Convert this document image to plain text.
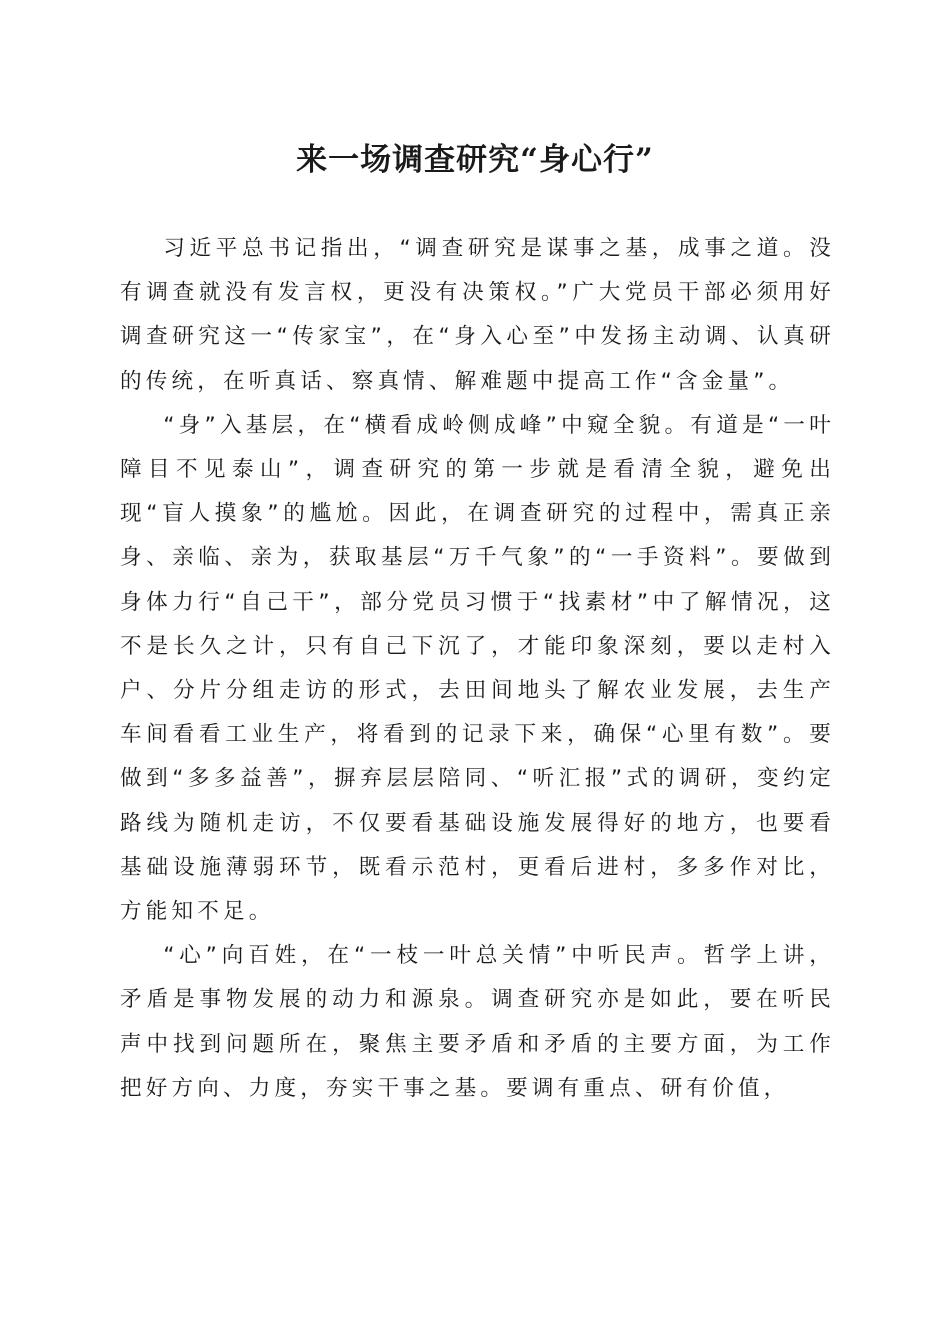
来一场调查研究“身心行”

习近平总书记指出，“调查研究是谋事之基，成事之道。没有调查就没有发言权，更没有决策权。”广大党员干部必须用好调查研究这一“传家宝”，在“身入心至”中发扬主动调、认真研的传统，在听真话、察真情、解难题中提高工作“含金量”。

“身”入基层，在“横看成岭侧成峰”中窥全貌。有道是“一叶障目不见泰山”，调查研究的第一步就是看清全貌，避免出现“盲人摸象”的尴尬。因此，在调查研究的过程中，需真正亲身、亲临、亲为，获取基层“万千气象”的“一手资料”。要做到身体力行“自己干”，部分党员习惯于“找素材”中了解情况，这不是长久之计，只有自己下沉了，才能印象深刻，要以走村入户、分片分组走访的形式，去田间地头了解农业发展，去生产车间看看工业生产，将看到的记录下来，确保“心里有数”。要做到“多多益善”，摒弃层层陪同、“听汇报”式的调研，变约定路线为随机走访，不仅要看基础设施发展得好的地方，也要看基础设施薄弱环节，既看示范村，更看后进村，多多作对比，方能知不足。

“心”向百姓，在“一枝一叶总关情”中听民声。哲学上讲，矛盾是事物发展的动力和源泉。调查研究亦是如此，要在听民声中找到问题所在，聚焦主要矛盾和矛盾的主要方面，为工作把好方向、力度，夯实干事之基。要调有重点、研有价值，
